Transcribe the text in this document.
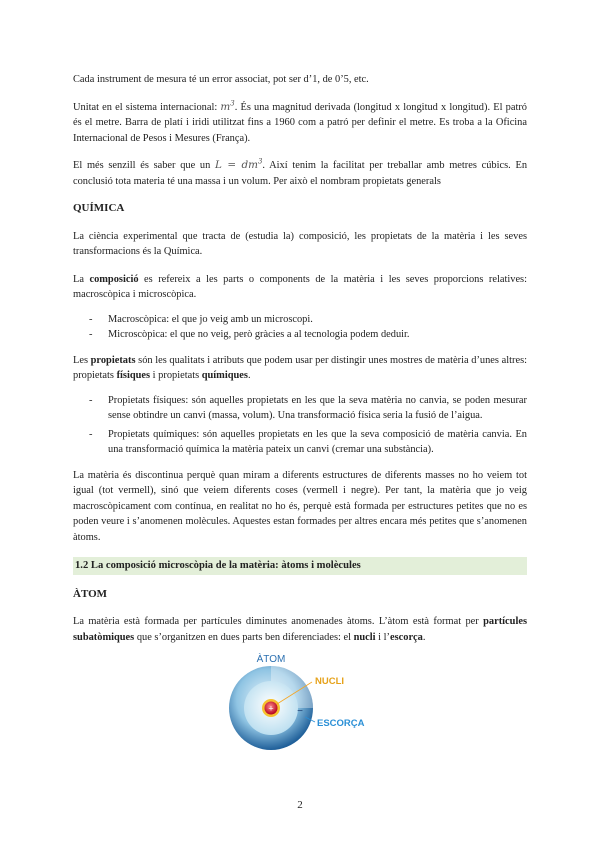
Cada instrument de mesura té un error associat, pot ser d’1, de 0’5, etc.

Unitat en el sistema internacional: $m^3$. És una magnitud derivada (longitud x longitud x longitud). El patró és el metre. Barra de platí i iridi utilitzat fins a 1960 com a patró per definir el metre. Es troba a la Oficina Internacional de Pesos i Mesures (França).

El més senzill és saber que un $L = dm^3$. Així tenim la facilitat per treballar amb metres cúbics. En conclusió tota materia té una massa i un volum. Per això el nombram propietats generals

QUÍMICA

La ciència experimental que tracta de (estudia la) composició, les propietats de la matèria i les seves transformacions és la Química.

La composició es refereix a les parts o components de la matèria i les seves proporcions relatives: macroscòpica i microscòpica.

- Macroscòpica: el que jo veig amb un microscopi.
- Microscòpica: el que no veig, però gràcies a al tecnologia podem deduir.

Les propietats són les qualitats i atributs que podem usar per distingir unes mostres de matèria d’unes altres: propietats físiques i propietats químiques.

- Propietats físiques: són aquelles propietats en les que la seva matèria no canvia, se poden mesurar sense obtindre un canvi (massa, volum). Una transformació física seria la fusió de l’aigua.
- Propietats químiques: són aquelles propietats en les que la seva composició de matèria canvia. En una transformació química la matèria pateix un canvi (cremar una substància).

La matèria és discontinua perquè quan miram a diferents estructures de diferents masses no ho veiem tot igual (tot vermell), sinó que veiem diferents coses (vermell i negre). Per tant, la matèria que jo veig macroscòpicament com contínua, en realitat no ho és, perquè està formada per estructures petites que no es poden veure i s’anomenen molècules. Aquestes estan formades per altres encara més petites que s’anomenen àtoms.

1.2 La composició microscòpia de la matèria: àtoms i molècules
ÀTOM

La matèria està formada per partícules diminutes anomenades àtoms. L’àtom està format per partícules subatòmiques que s’organitzen en dues parts ben diferenciades: el nucli i l’escorça.

ÀTOM
+ −
NUCLI
ESCORÇA
2
